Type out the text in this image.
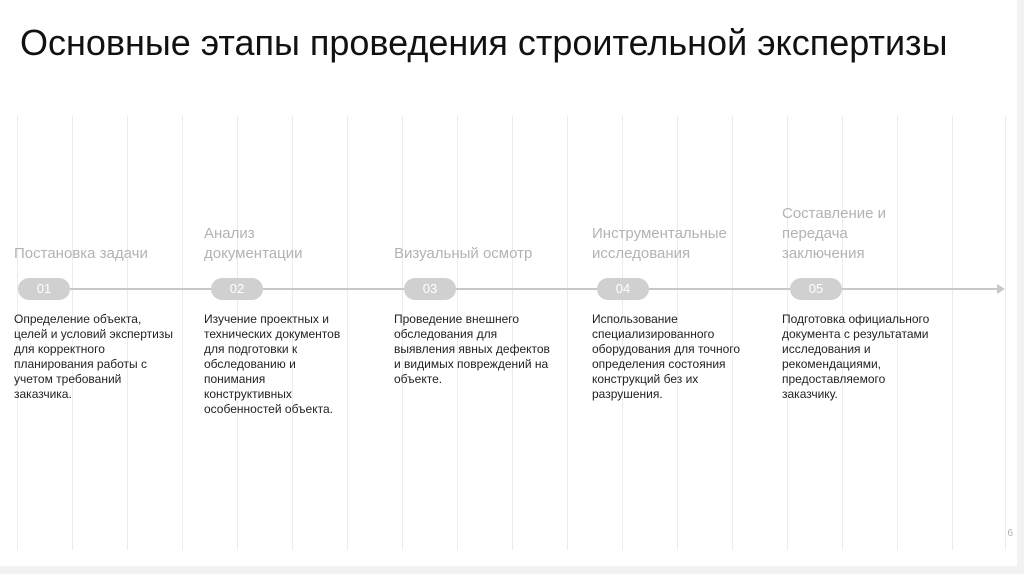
Основные этапы проведения строительной экспертизы
Постановка задачи
01
Определение объекта, целей и условий экспертизы для корректного планирования работы с учетом требований заказчика.
Анализ документации
02
Изучение проектных и технических документов для подготовки к обследованию и понимания конструктивных особенностей объекта.
Визуальный осмотр
03
Проведение внешнего обследования для выявления явных дефектов и видимых повреждений на объекте.
Инструментальные исследования
04
Использование специализированного оборудования для точного определения состояния конструкций без их разрушения.
Составление и передача заключения
05
Подготовка официального документа с результатами исследования и рекомендациями, предоставляемого заказчику.
6
